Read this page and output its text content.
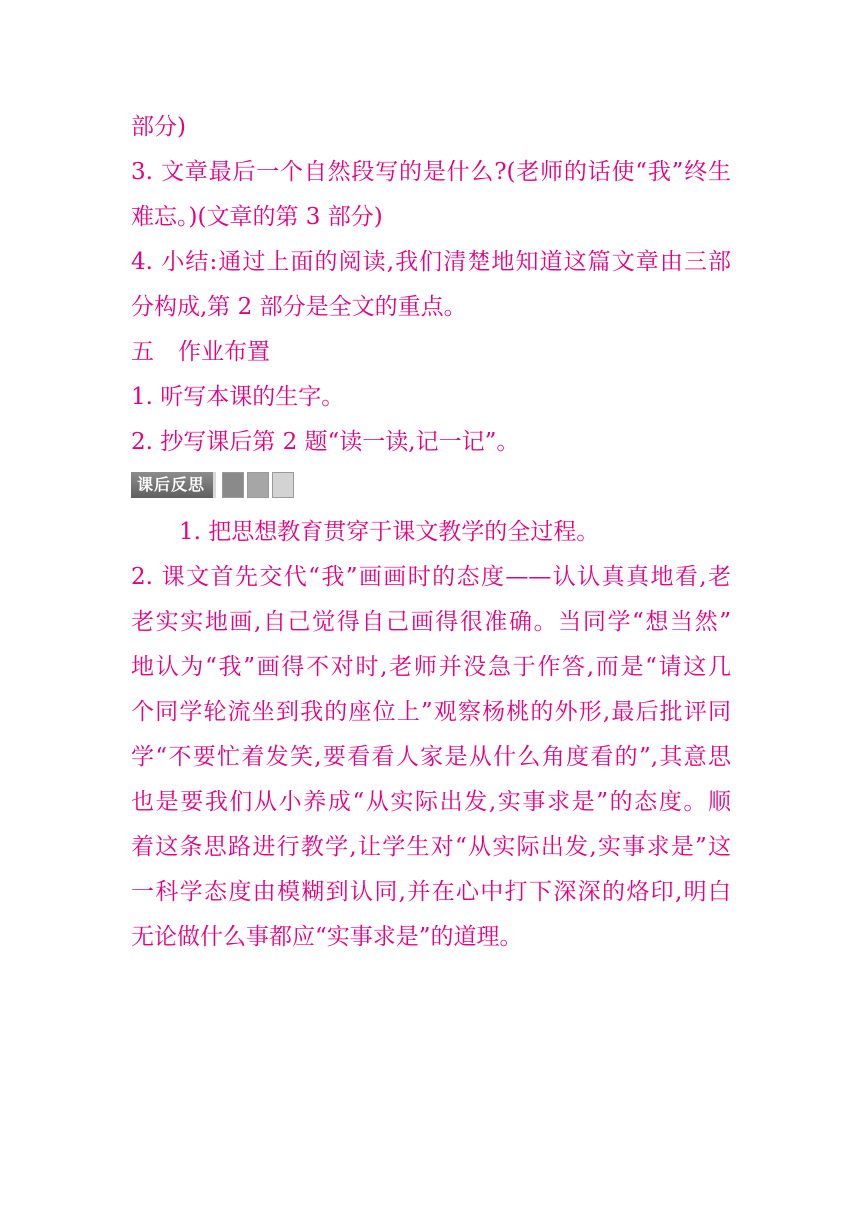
部分)
3. 文章最后一个自然段写的是什么?(老师的话使“我”终生
难忘。)(文章的第 3 部分)
4. 小结:通过上面的阅读,我们清楚地知道这篇文章由三部
分构成,第 2 部分是全文的重点。
五 作业布置
1. 听写本课的生字。
2. 抄写课后第 2 题“读一读,记一记”。
课后反思
1. 把思想教育贯穿于课文教学的全过程。
2. 课文首先交代“我”画画时的态度——认认真真地看,老
老实实地画,自己觉得自己画得很准确。当同学“想当然”
地认为“我”画得不对时,老师并没急于作答,而是“请这几
个同学轮流坐到我的座位上”观察杨桃的外形,最后批评同
学“不要忙着发笑,要看看人家是从什么角度看的”,其意思
也是要我们从小养成“从实际出发,实事求是”的态度。顺
着这条思路进行教学,让学生对“从实际出发,实事求是”这
一科学态度由模糊到认同,并在心中打下深深的烙印,明白
无论做什么事都应“实事求是”的道理。
